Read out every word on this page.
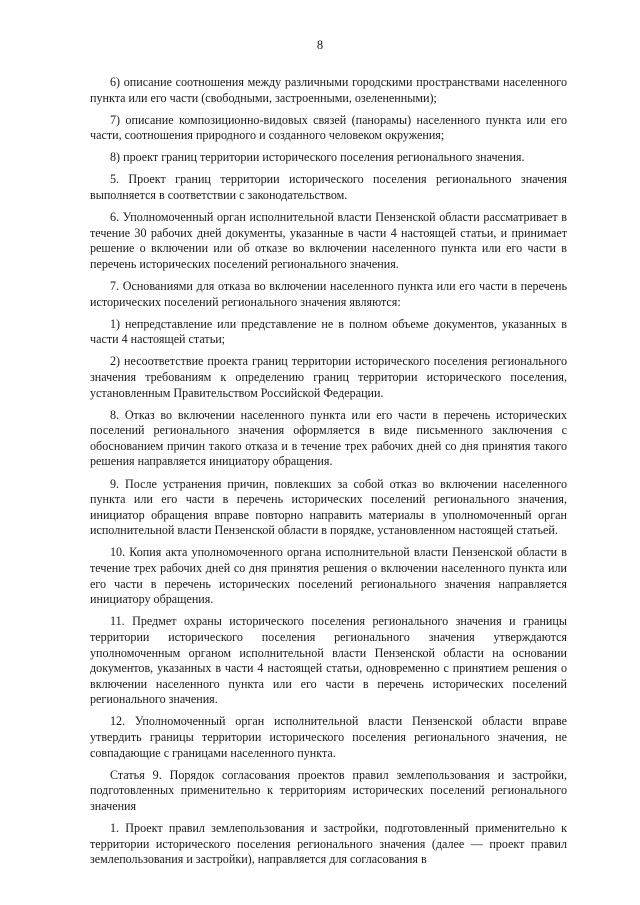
8

6) описание соотношения между различными городскими пространствами населенного пункта или его части (свободными, застроенными, озелененными);

7) описание композиционно-видовых связей (панорамы) населенного пункта или его части, соотношения природного и созданного человеком окружения;

8) проект границ территории исторического поселения регионального значения.

5. Проект границ территории исторического поселения регионального значения выполняется в соответствии с законодательством.

6. Уполномоченный орган исполнительной власти Пензенской области рассматривает в течение 30 рабочих дней документы, указанные в части 4 настоящей статьи, и принимает решение о включении или об отказе во включении населенного пункта или его части в перечень исторических поселений регионального значения.

7. Основаниями для отказа во включении населенного пункта или его части в перечень исторических поселений регионального значения являются:

1) непредставление или представление не в полном объеме документов, указанных в части 4 настоящей статьи;

2) несоответствие проекта границ территории исторического поселения регионального значения требованиям к определению границ территории исторического поселения, установленным Правительством Российской Федерации.

8. Отказ во включении населенного пункта или его части в перечень исторических поселений регионального значения оформляется в виде письменного заключения с обоснованием причин такого отказа и в течение трех рабочих дней со дня принятия такого решения направляется инициатору обращения.

9. После устранения причин, повлекших за собой отказ во включении населенного пункта или его части в перечень исторических поселений регионального значения, инициатор обращения вправе повторно направить материалы в уполномоченный орган исполнительной власти Пензенской области в порядке, установленном настоящей статьей.

10. Копия акта уполномоченного органа исполнительной власти Пензенской области в течение трех рабочих дней со дня принятия решения о включении населенного пункта или его части в перечень исторических поселений регионального значения направляется инициатору обращения.

11. Предмет охраны исторического поселения регионального значения и границы территории исторического поселения регионального значения утверждаются уполномоченным органом исполнительной власти Пензенской области на основании документов, указанных в части 4 настоящей статьи, одновременно с принятием решения о включении населенного пункта или его части в перечень исторических поселений регионального значения.

12. Уполномоченный орган исполнительной власти Пензенской области вправе утвердить границы территории исторического поселения регионального значения, не совпадающие с границами населенного пункта.

Статья 9. Порядок согласования проектов правил землепользования и застройки, подготовленных применительно к территориям исторических поселений регионального значения

1. Проект правил землепользования и застройки, подготовленный применительно к территории исторического поселения регионального значения (далее — проект правил землепользования и застройки), направляется для согласования в
